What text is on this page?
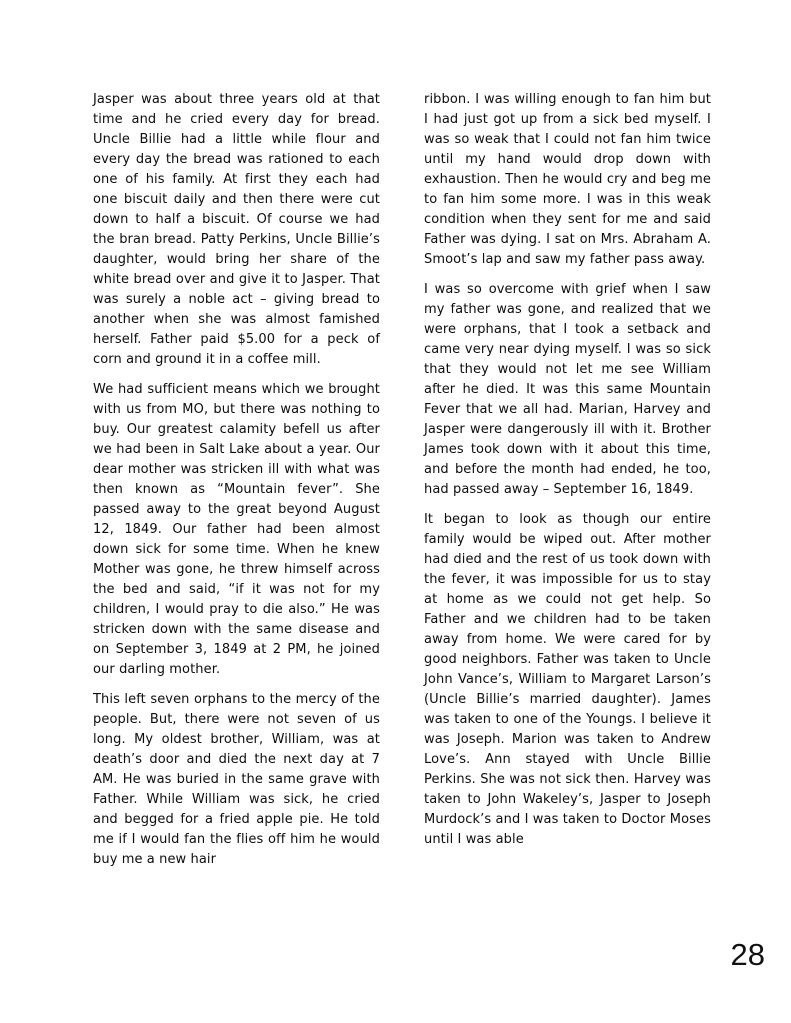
Jasper was about three years old at that time and he cried every day for bread. Uncle Billie had a little while flour and every day the bread was rationed to each one of his family. At first they each had one biscuit daily and then there were cut down to half a biscuit. Of course we had the bran bread. Patty Perkins, Uncle Billie’s daughter, would bring her share of the white bread over and give it to Jasper. That was surely a noble act – giving bread to another when she was almost famished herself. Father paid $5.00 for a peck of corn and ground it in a coffee mill.

We had sufficient means which we brought with us from MO, but there was nothing to buy. Our greatest calamity befell us after we had been in Salt Lake about a year. Our dear mother was stricken ill with what was then known as “Mountain fever”. She passed away to the great beyond August 12, 1849. Our father had been almost down sick for some time. When he knew Mother was gone, he threw himself across the bed and said, “if it was not for my children, I would pray to die also.” He was stricken down with the same disease and on September 3, 1849 at 2 PM, he joined our darling mother.

This left seven orphans to the mercy of the people. But, there were not seven of us long. My oldest brother, William, was at death’s door and died the next day at 7 AM. He was buried in the same grave with Father. While William was sick, he cried and begged for a fried apple pie. He told me if I would fan the flies off him he would buy me a new hair

ribbon. I was willing enough to fan him but I had just got up from a sick bed myself. I was so weak that I could not fan him twice until my hand would drop down with exhaustion. Then he would cry and beg me to fan him some more. I was in this weak condition when they sent for me and said Father was dying. I sat on Mrs. Abraham A. Smoot’s lap and saw my father pass away.

I was so overcome with grief when I saw my father was gone, and realized that we were orphans, that I took a setback and came very near dying myself. I was so sick that they would not let me see William after he died. It was this same Mountain Fever that we all had. Marian, Harvey and Jasper were dangerously ill with it. Brother James took down with it about this time, and before the month had ended, he too, had passed away – September 16, 1849.

It began to look as though our entire family would be wiped out. After mother had died and the rest of us took down with the fever, it was impossible for us to stay at home as we could not get help. So Father and we children had to be taken away from home. We were cared for by good neighbors. Father was taken to Uncle John Vance’s, William to Margaret Larson’s (Uncle Billie’s married daughter). James was taken to one of the Youngs. I believe it was Joseph. Marion was taken to Andrew Love’s. Ann stayed with Uncle Billie Perkins. She was not sick then. Harvey was taken to John Wakeley’s, Jasper to Joseph Murdock’s and I was taken to Doctor Moses until I was able

28
